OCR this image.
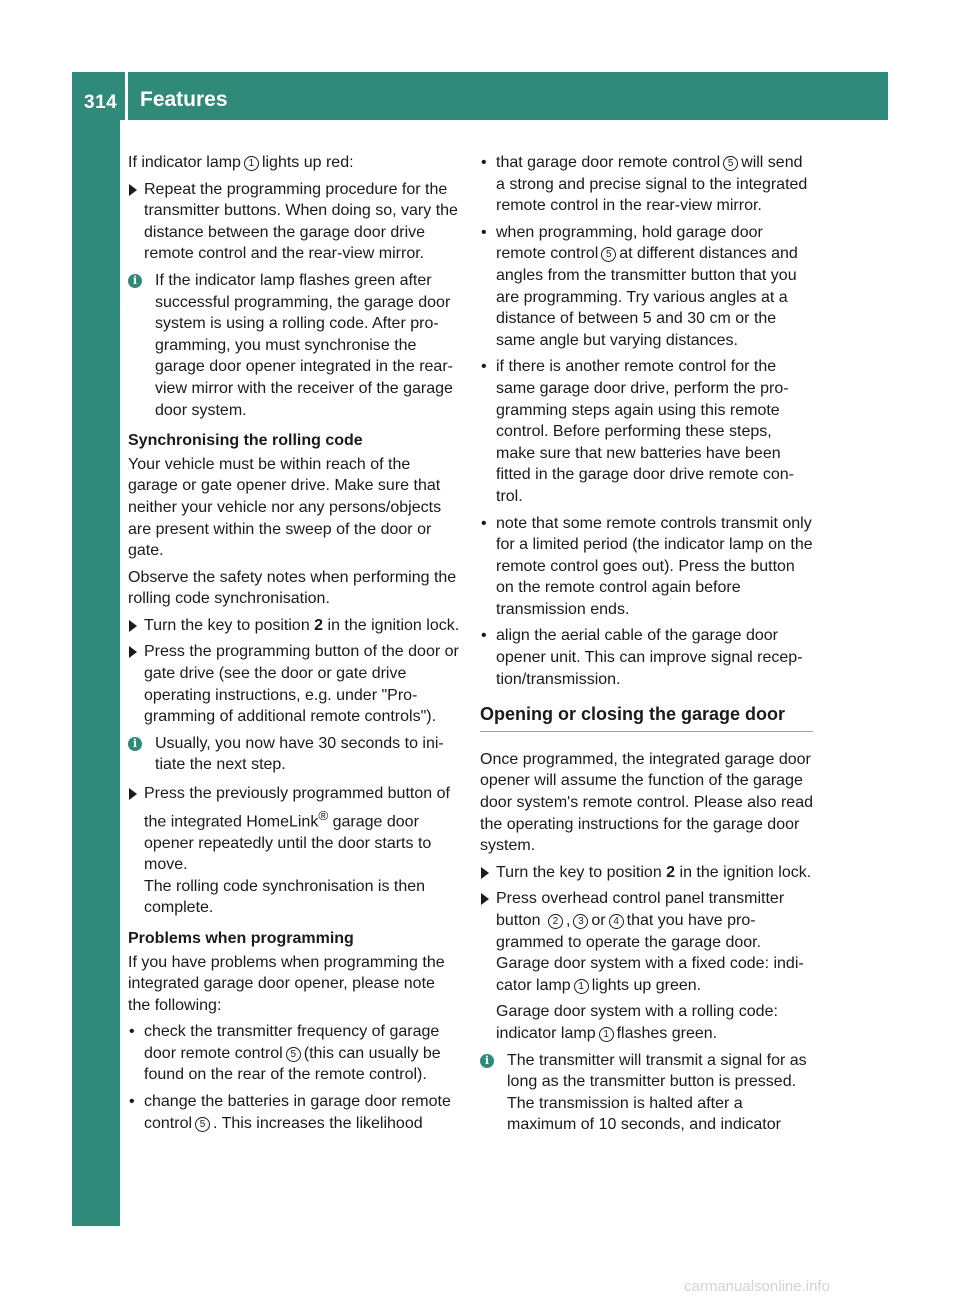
314 Features
Stowing and features

If indicator lamp 1 lights up red:

Repeat the programming procedure for the transmitter buttons. When doing so, vary the distance between the garage door drive remote control and the rear-view mirror.
i	If the indicator lamp flashes green after successful programming, the garage door system is using a rolling code. After pro-gramming, you must synchronise the garage door opener integrated in the rear-view mirror with the receiver of the garage door system.
Synchronising the rolling code

Your vehicle must be within reach of the garage or gate opener drive. Make sure that neither your vehicle nor any persons/objects are present within the sweep of the door or gate.

Observe the safety notes when performing the rolling code synchronisation.

Turn the key to position 2 in the ignition lock.
Press the programming button of the door or gate drive (see the door or gate drive operating instructions, e.g. under "Pro-gramming of additional remote controls").
i	Usually, you now have 30 seconds to ini-tiate the next step.
Press the previously programmed button of the integrated HomeLink® garage door opener repeatedly until the door starts to move.
The rolling code synchronisation is then complete.
Problems when programming

If you have problems when programming the integrated garage door opener, please note the following:

• check the transmitter frequency of garage door remote control 5 (this can usually be found on the rear of the remote control).
• change the batteries in garage door remote control 5 . This increases the likelihood
• that garage door remote control 5 will send a strong and precise signal to the integrated remote control in the rear-view mirror.
• when programming, hold garage door remote control 5 at different distances and angles from the transmitter button that you are programming. Try various angles at a distance of between 5 and 30 cm or the same angle but varying distances.
• if there is another remote control for the same garage door drive, perform the pro-gramming steps again using this remote control. Before performing these steps, make sure that new batteries have been fitted in the garage door drive remote con-trol.
• note that some remote controls transmit only for a limited period (the indicator lamp on the remote control goes out). Press the button on the remote control again before transmission ends.
• align the aerial cable of the garage door opener unit. This can improve signal recep-tion/transmission.
Opening or closing the garage door

Once programmed, the integrated garage door opener will assume the function of the garage door system's remote control. Please also read the operating instructions for the garage door system.

Turn the key to position 2 in the ignition lock.
Press overhead control panel transmitter button 2 , 3 or 4 that you have pro-grammed to operate the garage door.
Garage door system with a fixed code: indi-cator lamp 1 lights up green.
Garage door system with a rolling code: indicator lamp 1 flashes green.
i	The transmitter will transmit a signal for as long as the transmitter button is pressed. The transmission is halted after a maximum of 10 seconds, and indicator
carmanualsonline.info
